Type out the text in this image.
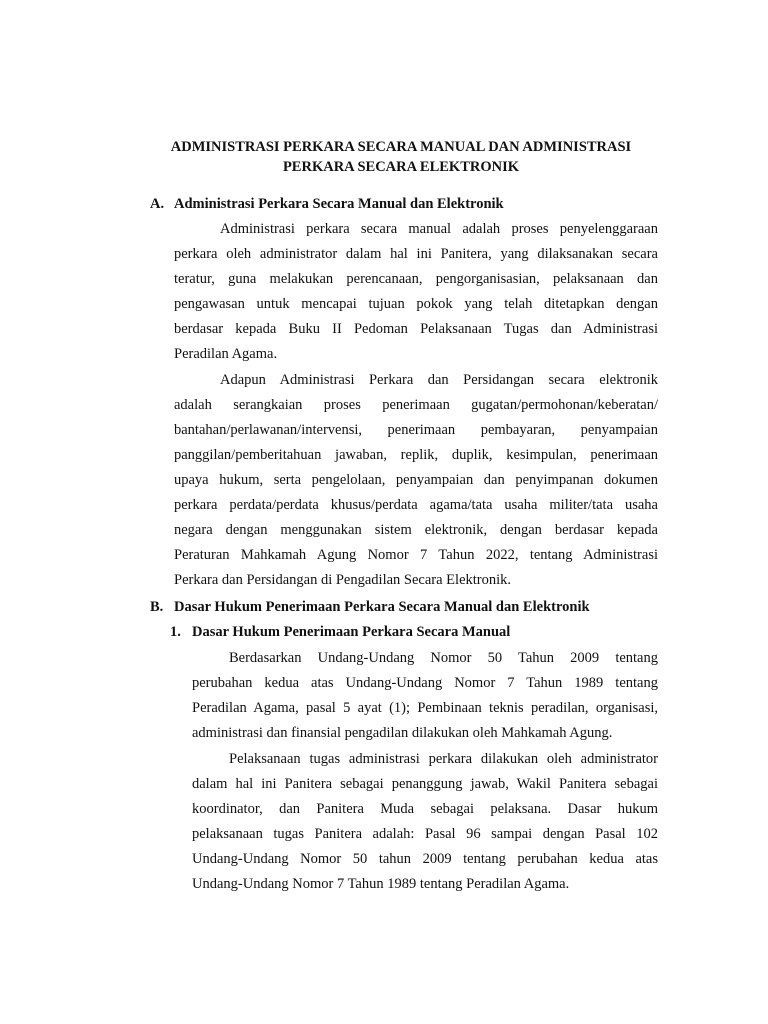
ADMINISTRASI PERKARA SECARA MANUAL DAN ADMINISTRASI
PERKARA SECARA ELEKTRONIK
A. Administrasi Perkara Secara Manual dan Elektronik
Administrasi perkara secara manual adalah proses penyelenggaraan
perkara oleh administrator dalam hal ini Panitera, yang dilaksanakan secara
teratur, guna melakukan perencanaan, pengorganisasian, pelaksanaan dan
pengawasan untuk mencapai tujuan pokok yang telah ditetapkan dengan
berdasar kepada Buku II Pedoman Pelaksanaan Tugas dan Administrasi
Peradilan Agama.
Adapun Administrasi Perkara dan Persidangan secara elektronik
adalah serangkaian proses penerimaan gugatan/permohonan/keberatan/
bantahan/perlawanan/intervensi, penerimaan pembayaran, penyampaian
panggilan/pemberitahuan jawaban, replik, duplik, kesimpulan, penerimaan
upaya hukum, serta pengelolaan, penyampaian dan penyimpanan dokumen
perkara perdata/perdata khusus/perdata agama/tata usaha militer/tata usaha
negara dengan menggunakan sistem elektronik, dengan berdasar kepada
Peraturan Mahkamah Agung Nomor 7 Tahun 2022, tentang Administrasi
Perkara dan Persidangan di Pengadilan Secara Elektronik.
B. Dasar Hukum Penerimaan Perkara Secara Manual dan Elektronik
1. Dasar Hukum Penerimaan Perkara Secara Manual
Berdasarkan Undang-Undang Nomor 50 Tahun 2009 tentang
perubahan kedua atas Undang-Undang Nomor 7 Tahun 1989 tentang
Peradilan Agama, pasal 5 ayat (1); Pembinaan teknis peradilan, organisasi,
administrasi dan finansial pengadilan dilakukan oleh Mahkamah Agung.
Pelaksanaan tugas administrasi perkara dilakukan oleh administrator
dalam hal ini Panitera sebagai penanggung jawab, Wakil Panitera sebagai
koordinator, dan Panitera Muda sebagai pelaksana. Dasar hukum
pelaksanaan tugas Panitera adalah: Pasal 96 sampai dengan Pasal 102
Undang-Undang Nomor 50 tahun 2009 tentang perubahan kedua atas
Undang-Undang Nomor 7 Tahun 1989 tentang Peradilan Agama.
